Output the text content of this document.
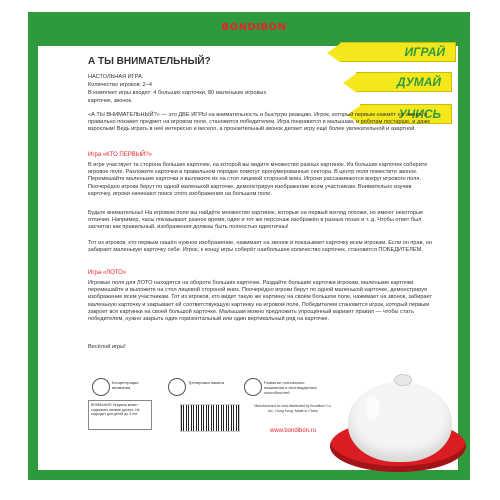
BONDIBON
ИГРАЙ
ДУМАЙ
УЧИСЬ
А ТЫ ВНИМАТЕЛЬНЫЙ?
НАСТОЛЬНАЯ ИГРА.
Количество игроков: 2–4
В комплект игры входят: 4 больших карточки, 80 маленьких игровых
карточек, звонок.
«А ТЫ ВНИМАТЕЛЬНЫЙ?» — это ДВЕ ИГРЫ на внимательность и быструю реакцию. Игрок, который первым нажмёт на звонок и правильно покажет предмет на игровом поле, становится победителем. Игра понравится и малышам, и ребятам постарше, и даже взрослым! Ведь играть в неё интересно и весело, а пронзительный звонок делает игру ещё более увлекательной и азартной.
Игра «КТО ПЕРВЫЙ?»
В игре участвует та сторона больших карточек, на которой вы видите множество разных картинок. Из больших карточек соберите игровое поле. Разложите карточки в правильном порядке помогут пронумерованные сектора. В центр поля поместите звонок. Перемешайте маленькие карточки и выложите их на стол лицевой стороной вниз. Игроки рассаживаются вокруг игрового поля. Поочерёдно игроки берут по одной маленькой карточке, демонстрируя изображение всем участникам. Внимательно изучив карточку, игроки начинают поиск этого изображения на большом поле.
Будьте внимательны! На игровом поле вы найдёте множество картинок, которые на первый взгляд похожи, но имеют некоторые отличия. Например, часы показывают разное время, один и тот же персонаж изображён в разных позах и т. д. Чтобы ответ был засчитан как правильный, изображения должны быть полностью идентичны!
Тот из игроков, кто первым нашёл нужное изображение, нажимает на звонок и показывает карточку всем игрокам. Если он прав, он забирает маленькую карточку себе. Игрок, к концу игры соберёт наибольшее количество карточек, становится ПОБЕДИТЕЛЕМ.
Игра «ЛОТО»
Игровые поля для ЛОТО находятся на обороте больших карточек. Раздайте большие карточки игрокам, маленькие карточки перемешайте и выложите на стол лицевой стороной вниз. Поочерёдно игроки берут по одной маленькой карточке, демонстрируя изображение всем участникам. Тот из игроков, кто видит такую же картинку на своём большом поле, нажимает на звонок, забирает маленькую карточку и закрывает ей соответствующую картинку на игровом поле. Победителем становится игрок, который первым закроет все картинки на своей большой карточке. Малышам можно предложить упрощённый вариант правил — чтобы стать победителем, нужно закрыть один горизонтальный или один вертикальный ряд на карточке.
Весёлой игры!
Концентрация внимания
Тренировка памяти	Развитие логического мышления и нестандартных способностей
ВНИМАНИЕ! Игрушка может содержать мелкие детали. Не подходит для детей до 3 лет.
Manufactured for and distributed by Bondibon Co. Ltd., Hong Kong. Made in China.
www.bondibon.ru
